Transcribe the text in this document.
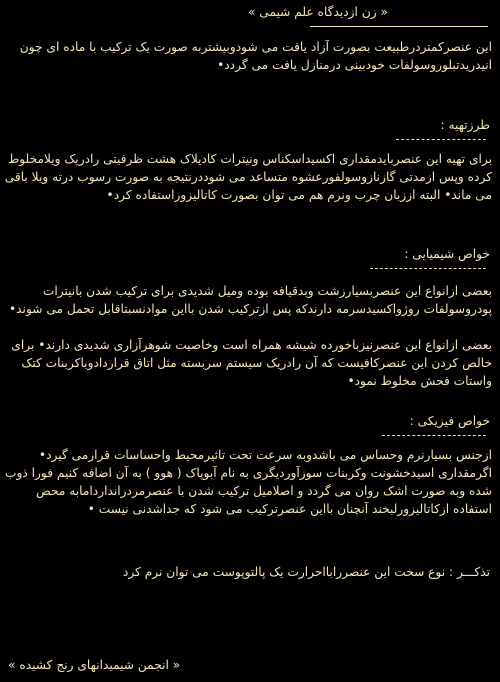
« زن ازدیدگاه علم شیمی »
این عنصرکمتردرطبیعت بصورت آزاد یافت می شودوبیشتربه صورت یک ترکیب با ماده ای چون انیدریدتبلوروسولفات خودبینی درمنازل یافت می گردد•
طرزتهیه :
برای تهیه این عنصربایدمقداری اکسیداسکناس ونیترات کادیلاک هشت ظرفیتی رادریک ویلامخلوط کرده وپس ازمدتی گازنازوسولفورعشوه متساعد می شوددرنتیجه به صورت رسوب درته ویلا باقی می ماند• البته اززبان چرب ونرم هم می توان بصورت کاتالیزوراستفاده کرد•
خواص شیمیایی :
بعضی ازانواع این عنصربسیارزشت وبدقیافه بوده ومیل شدیدی برای ترکیب شدن بانیترات پودروسولفات روژواکسیدسرمه دارندکه پس ازترکیب شدن بااین موادنسبتاقابل تحمل می شوند•
بعضی ازانواع این عنصرنیزباخورده شیشه همراه است وخاصیت شوهرآزاری شدیدی دارند• برای خالص کردن این عنصرکافیست که آن رادریک سیستم سربسته مثل اتاق قراردادوباکربنات کتک واستات فحش مخلوط نمود•
خواص فیزیکی :
ازجنس بسیارنرم وحساس می باشدوبه سرعت تحت تاثیرمحیط واحساسات قرارمی گیرد• اگرمقداری اسیدخشونت وکربنات سوزآوردیگری به نام آبوپاک ( هوو ) به آن اضافه کنیم فورا ذوب شده وبه صورت اشک روان می گردد و اصلامیل ترکیب شدن با عنصرمردرانداردامابه محض استفاده ازکاتالیزورلبخند آنچنان بااین عنصرترکیب می شود که جداشدنی نیست •
تذکـــر : نوع سخت این عنصررابااحرارت یک پالتوپوست می توان نرم کرد
« انجمن شیمیدانهای رنج کشیده »
